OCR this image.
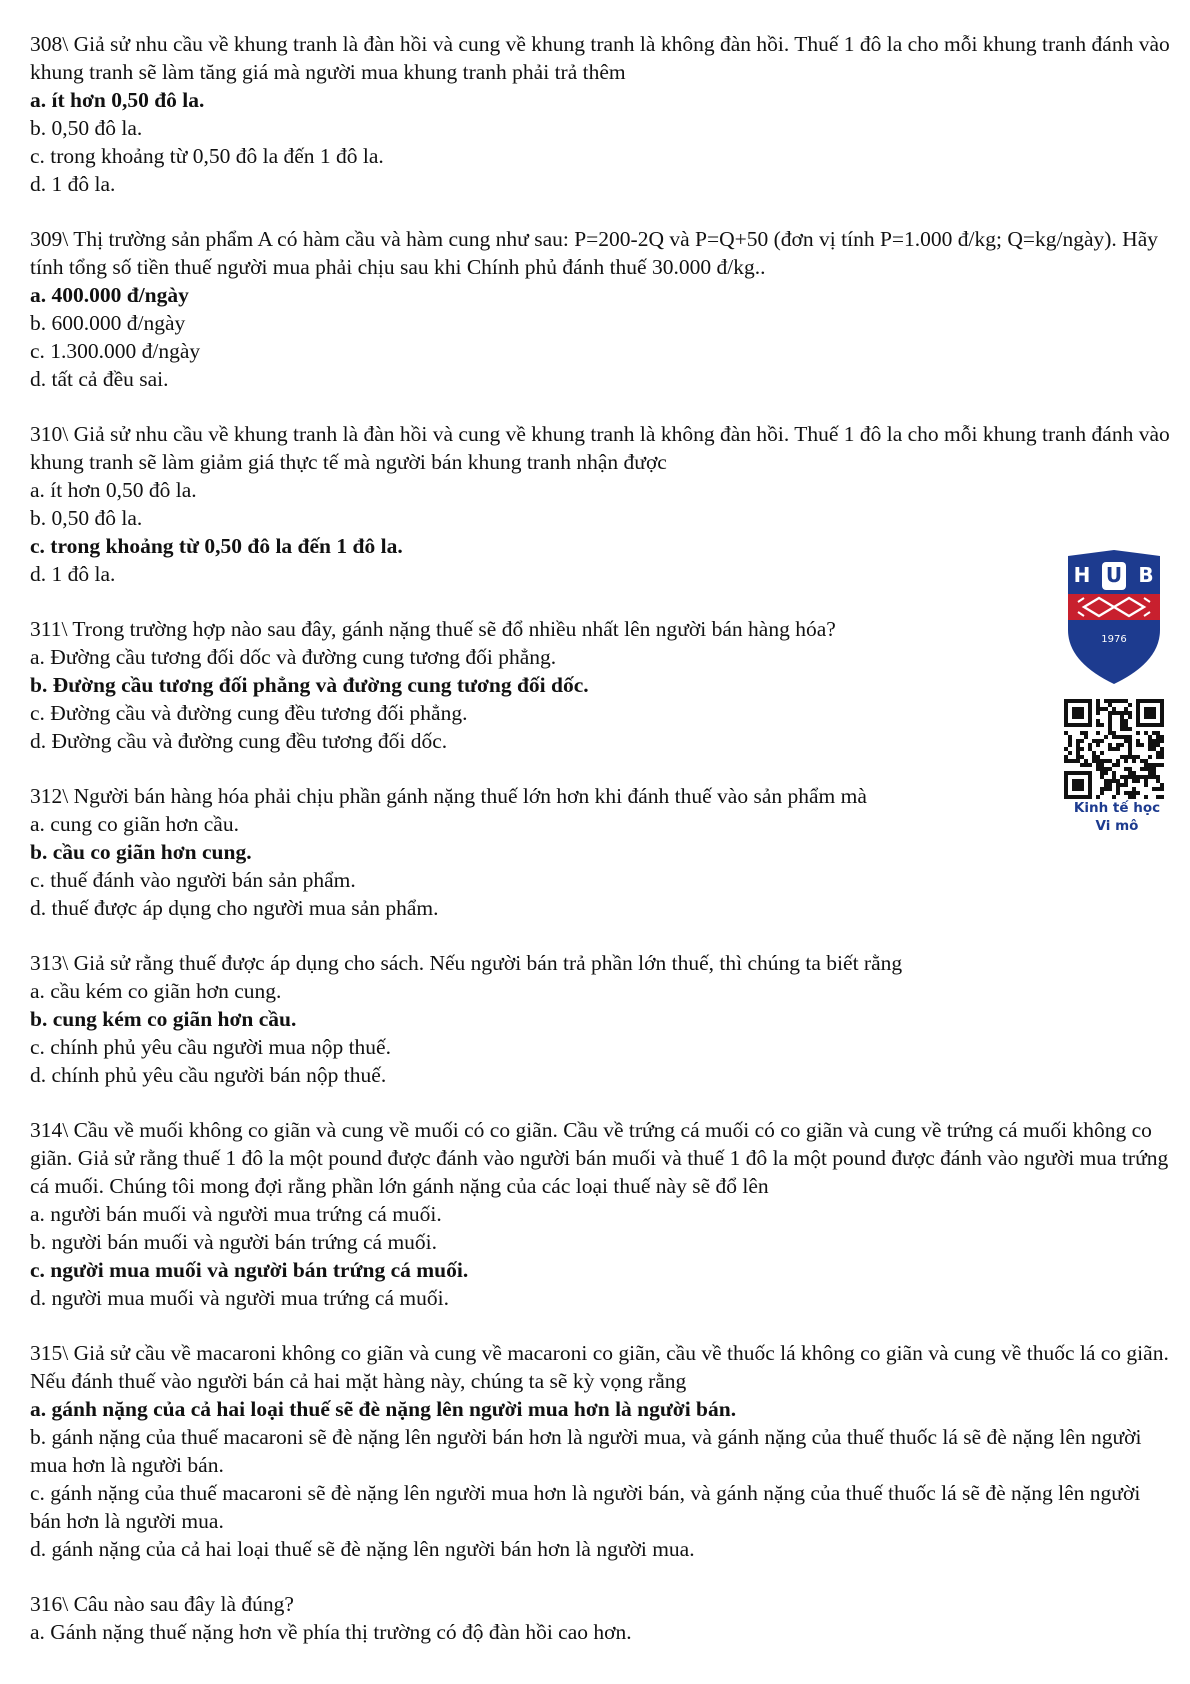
308\ Giả sử nhu cầu về khung tranh là đàn hồi và cung về khung tranh là không đàn hồi. Thuế 1 đô la cho mỗi khung tranh đánh vào khung tranh sẽ làm tăng giá mà người mua khung tranh phải trả thêm
a. ít hơn 0,50 đô la.
b. 0,50 đô la.
c. trong khoảng từ 0,50 đô la đến 1 đô la.
d. 1 đô la.
309\ Thị trường sản phẩm A có hàm cầu và hàm cung như sau: P=200-2Q và P=Q+50 (đơn vị tính P=1.000 đ/kg; Q=kg/ngày). Hãy tính tổng số tiền thuế người mua phải chịu sau khi Chính phủ đánh thuế 30.000 đ/kg..
a. 400.000 đ/ngày
b. 600.000 đ/ngày
c. 1.300.000 đ/ngày
d. tất cả đều sai.
310\ Giả sử nhu cầu về khung tranh là đàn hồi và cung về khung tranh là không đàn hồi. Thuế 1 đô la cho mỗi khung tranh đánh vào khung tranh sẽ làm giảm giá thực tế mà người bán khung tranh nhận được
a. ít hơn 0,50 đô la.
b. 0,50 đô la.
c. trong khoảng từ 0,50 đô la đến 1 đô la.
d. 1 đô la.
311\ Trong trường hợp nào sau đây, gánh nặng thuế sẽ đổ nhiều nhất lên người bán hàng hóa?
a. Đường cầu tương đối dốc và đường cung tương đối phẳng.
b. Đường cầu tương đối phẳng và đường cung tương đối dốc.
c. Đường cầu và đường cung đều tương đối phẳng.
d. Đường cầu và đường cung đều tương đối dốc.
312\ Người bán hàng hóa phải chịu phần gánh nặng thuế lớn hơn khi đánh thuế vào sản phẩm mà
a. cung co giãn hơn cầu.
b. cầu co giãn hơn cung.
c. thuế đánh vào người bán sản phẩm.
d. thuế được áp dụng cho người mua sản phẩm.
313\ Giả sử rằng thuế được áp dụng cho sách. Nếu người bán trả phần lớn thuế, thì chúng ta biết rằng
a. cầu kém co giãn hơn cung.
b. cung kém co giãn hơn cầu.
c. chính phủ yêu cầu người mua nộp thuế.
d. chính phủ yêu cầu người bán nộp thuế.
314\ Cầu về muối không co giãn và cung về muối có co giãn. Cầu về trứng cá muối có co giãn và cung về trứng cá muối không co giãn. Giả sử rằng thuế 1 đô la một pound được đánh vào người bán muối và thuế 1 đô la một pound được đánh vào người mua trứng cá muối. Chúng tôi mong đợi rằng phần lớn gánh nặng của các loại thuế này sẽ đổ lên
a. người bán muối và người mua trứng cá muối.
b. người bán muối và người bán trứng cá muối.
c. người mua muối và người bán trứng cá muối.
d. người mua muối và người mua trứng cá muối.
315\ Giả sử cầu về macaroni không co giãn và cung về macaroni co giãn, cầu về thuốc lá không co giãn và cung về thuốc lá co giãn. Nếu đánh thuế vào người bán cả hai mặt hàng này, chúng ta sẽ kỳ vọng rằng
a. gánh nặng của cả hai loại thuế sẽ đè nặng lên người mua hơn là người bán.
b. gánh nặng của thuế macaroni sẽ đè nặng lên người bán hơn là người mua, và gánh nặng của thuế thuốc lá sẽ đè nặng lên người mua hơn là người bán.
c. gánh nặng của thuế macaroni sẽ đè nặng lên người mua hơn là người bán, và gánh nặng của thuế thuốc lá sẽ đè nặng lên người bán hơn là người mua.
d. gánh nặng của cả hai loại thuế sẽ đè nặng lên người bán hơn là người mua.
316\ Câu nào sau đây là đúng?
a. Gánh nặng thuế nặng hơn về phía thị trường có độ đàn hồi cao hơn.
H U B
1976
Kinh tế học
Vi mô
